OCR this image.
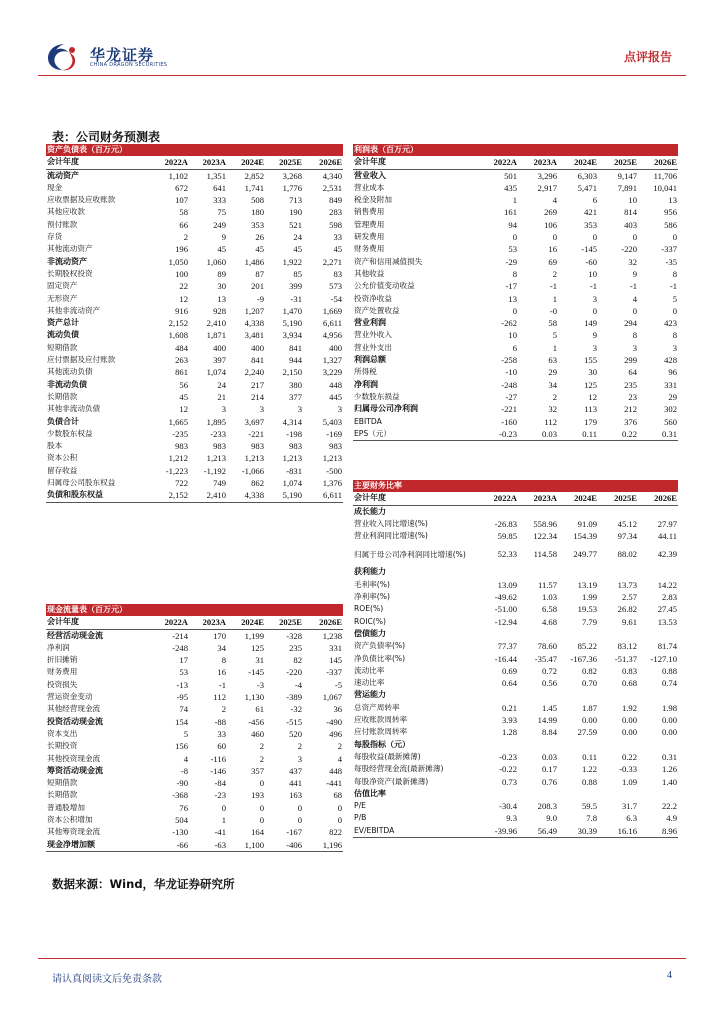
华龙证券
CHINA DRAGON SECURITIES
点评报告
表：公司财务预测表
资产负债表（百万元）					
会计年度	2022A	2023A	2024E	2025E	2026E
流动资产	1,102	1,351	2,852	3,268	4,340
现金	672	641	1,741	1,776	2,531
应收票据及应收账款	107	333	508	713	849
其他应收款	58	75	180	190	283
预付账款	66	249	353	521	598
存货	2	9	26	24	33
其他流动资产	196	45	45	45	45
非流动资产	1,050	1,060	1,486	1,922	2,271
长期股权投资	100	89	87	85	83
固定资产	22	30	201	399	573
无形资产	12	13	-9	-31	-54
其他非流动资产	916	928	1,207	1,470	1,669
资产总计	2,152	2,410	4,338	5,190	6,611
流动负债	1,608	1,871	3,481	3,934	4,956
短期借款	484	400	400	841	400
应付票据及应付账款	263	397	841	944	1,327
其他流动负债	861	1,074	2,240	2,150	3,229
非流动负债	56	24	217	380	448
长期借款	45	21	214	377	445
其他非流动负债	12	3	3	3	3
负债合计	1,665	1,895	3,697	4,314	5,403
少数股东权益	-235	-233	-221	-198	-169
股本	983	983	983	983	983
资本公积	1,212	1,213	1,213	1,213	1,213
留存收益	-1,223	-1,192	-1,066	-831	-500
归属母公司股东权益	722	749	862	1,074	1,376
负债和股东权益	2,152	2,410	4,338	5,190	6,611
利润表（百万元）					
会计年度	2022A	2023A	2024E	2025E	2026E
营业收入	501	3,296	6,303	9,147	11,706
营业成本	435	2,917	5,471	7,891	10,041
税金及附加	1	4	6	10	13
销售费用	161	269	421	814	956
管理费用	94	106	353	403	586
研发费用	0	0	0	0	0
财务费用	53	16	-145	-220	-337
资产和信用减值损失	-29	69	-60	32	-35
其他收益	8	2	10	9	8
公允价值变动收益	-17	-1	-1	-1	-1
投资净收益	13	1	3	4	5
资产处置收益	0	-0	0	0	0
营业利润	-262	58	149	294	423
营业外收入	10	5	9	8	8
营业外支出	6	1	3	3	3
利润总额	-258	63	155	299	428
所得税	-10	29	30	64	96
净利润	-248	34	125	235	331
少数股东损益	-27	2	12	23	29
归属母公司净利润	-221	32	113	212	302
EBITDA	-160	112	179	376	560
EPS（元）	-0.23	0.03	0.11	0.22	0.31
主要财务比率					
会计年度	2022A	2023A	2024E	2025E	2026E
成长能力					
营业收入同比增速(%)	-26.83	558.96	91.09	45.12	27.97
营业利润同比增速(%)	59.85	122.34	154.39	97.34	44.11
归属于母公司净利润同比增速(%)	52.33	114.58	249.77	88.02	42.39
获利能力					
毛利率(%)	13.09	11.57	13.19	13.73	14.22
净利率(%)	-49.62	1.03	1.99	2.57	2.83
ROE(%)	-51.00	6.58	19.53	26.82	27.45
ROIC(%)	-12.94	4.68	7.79	9.61	13.53
偿债能力					
资产负债率(%)	77.37	78.60	85.22	83.12	81.74
净负债比率(%)	-16.44	-35.47	-167.36	-51.37	-127.10
流动比率	0.69	0.72	0.82	0.83	0.88
速动比率	0.64	0.56	0.70	0.68	0.74
营运能力					
总资产周转率	0.21	1.45	1.87	1.92	1.98
应收账款周转率	3.93	14.99	0.00	0.00	0.00
应付账款周转率	1.28	8.84	27.59	0.00	0.00
每股指标（元）					
每股收益(最新摊薄)	-0.23	0.03	0.11	0.22	0.31
每股经营现金流(最新摊薄)	-0.22	0.17	1.22	-0.33	1.26
每股净资产(最新摊薄)	0.73	0.76	0.88	1.09	1.40
估值比率					
P/E	-30.4	208.3	59.5	31.7	22.2
P/B	9.3	9.0	7.8	6.3	4.9
EV/EBITDA	-39.96	56.49	30.39	16.16	8.96
现金流量表（百万元）					
会计年度	2022A	2023A	2024E	2025E	2026E
经营活动现金流	-214	170	1,199	-328	1,238
净利润	-248	34	125	235	331
折旧摊销	17	8	31	82	145
财务费用	53	16	-145	-220	-337
投资损失	-13	-1	-3	-4	-5
营运资金变动	-95	112	1,130	-389	1,067
其他经营现金流	74	2	61	-32	36
投资活动现金流	154	-88	-456	-515	-490
资本支出	5	33	460	520	496
长期投资	156	60	2	2	2
其他投资现金流	4	-116	2	3	4
筹资活动现金流	-8	-146	357	437	448
短期借款	-90	-84	0	441	-441
长期借款	-368	-23	193	163	68
普通股增加	76	0	0	0	0
资本公积增加	504	1	0	0	0
其他筹资现金流	-130	-41	164	-167	822
现金净增加额	-66	-63	1,100	-406	1,196
数据来源：Wind，华龙证券研究所
请认真阅读文后免责条款	4
